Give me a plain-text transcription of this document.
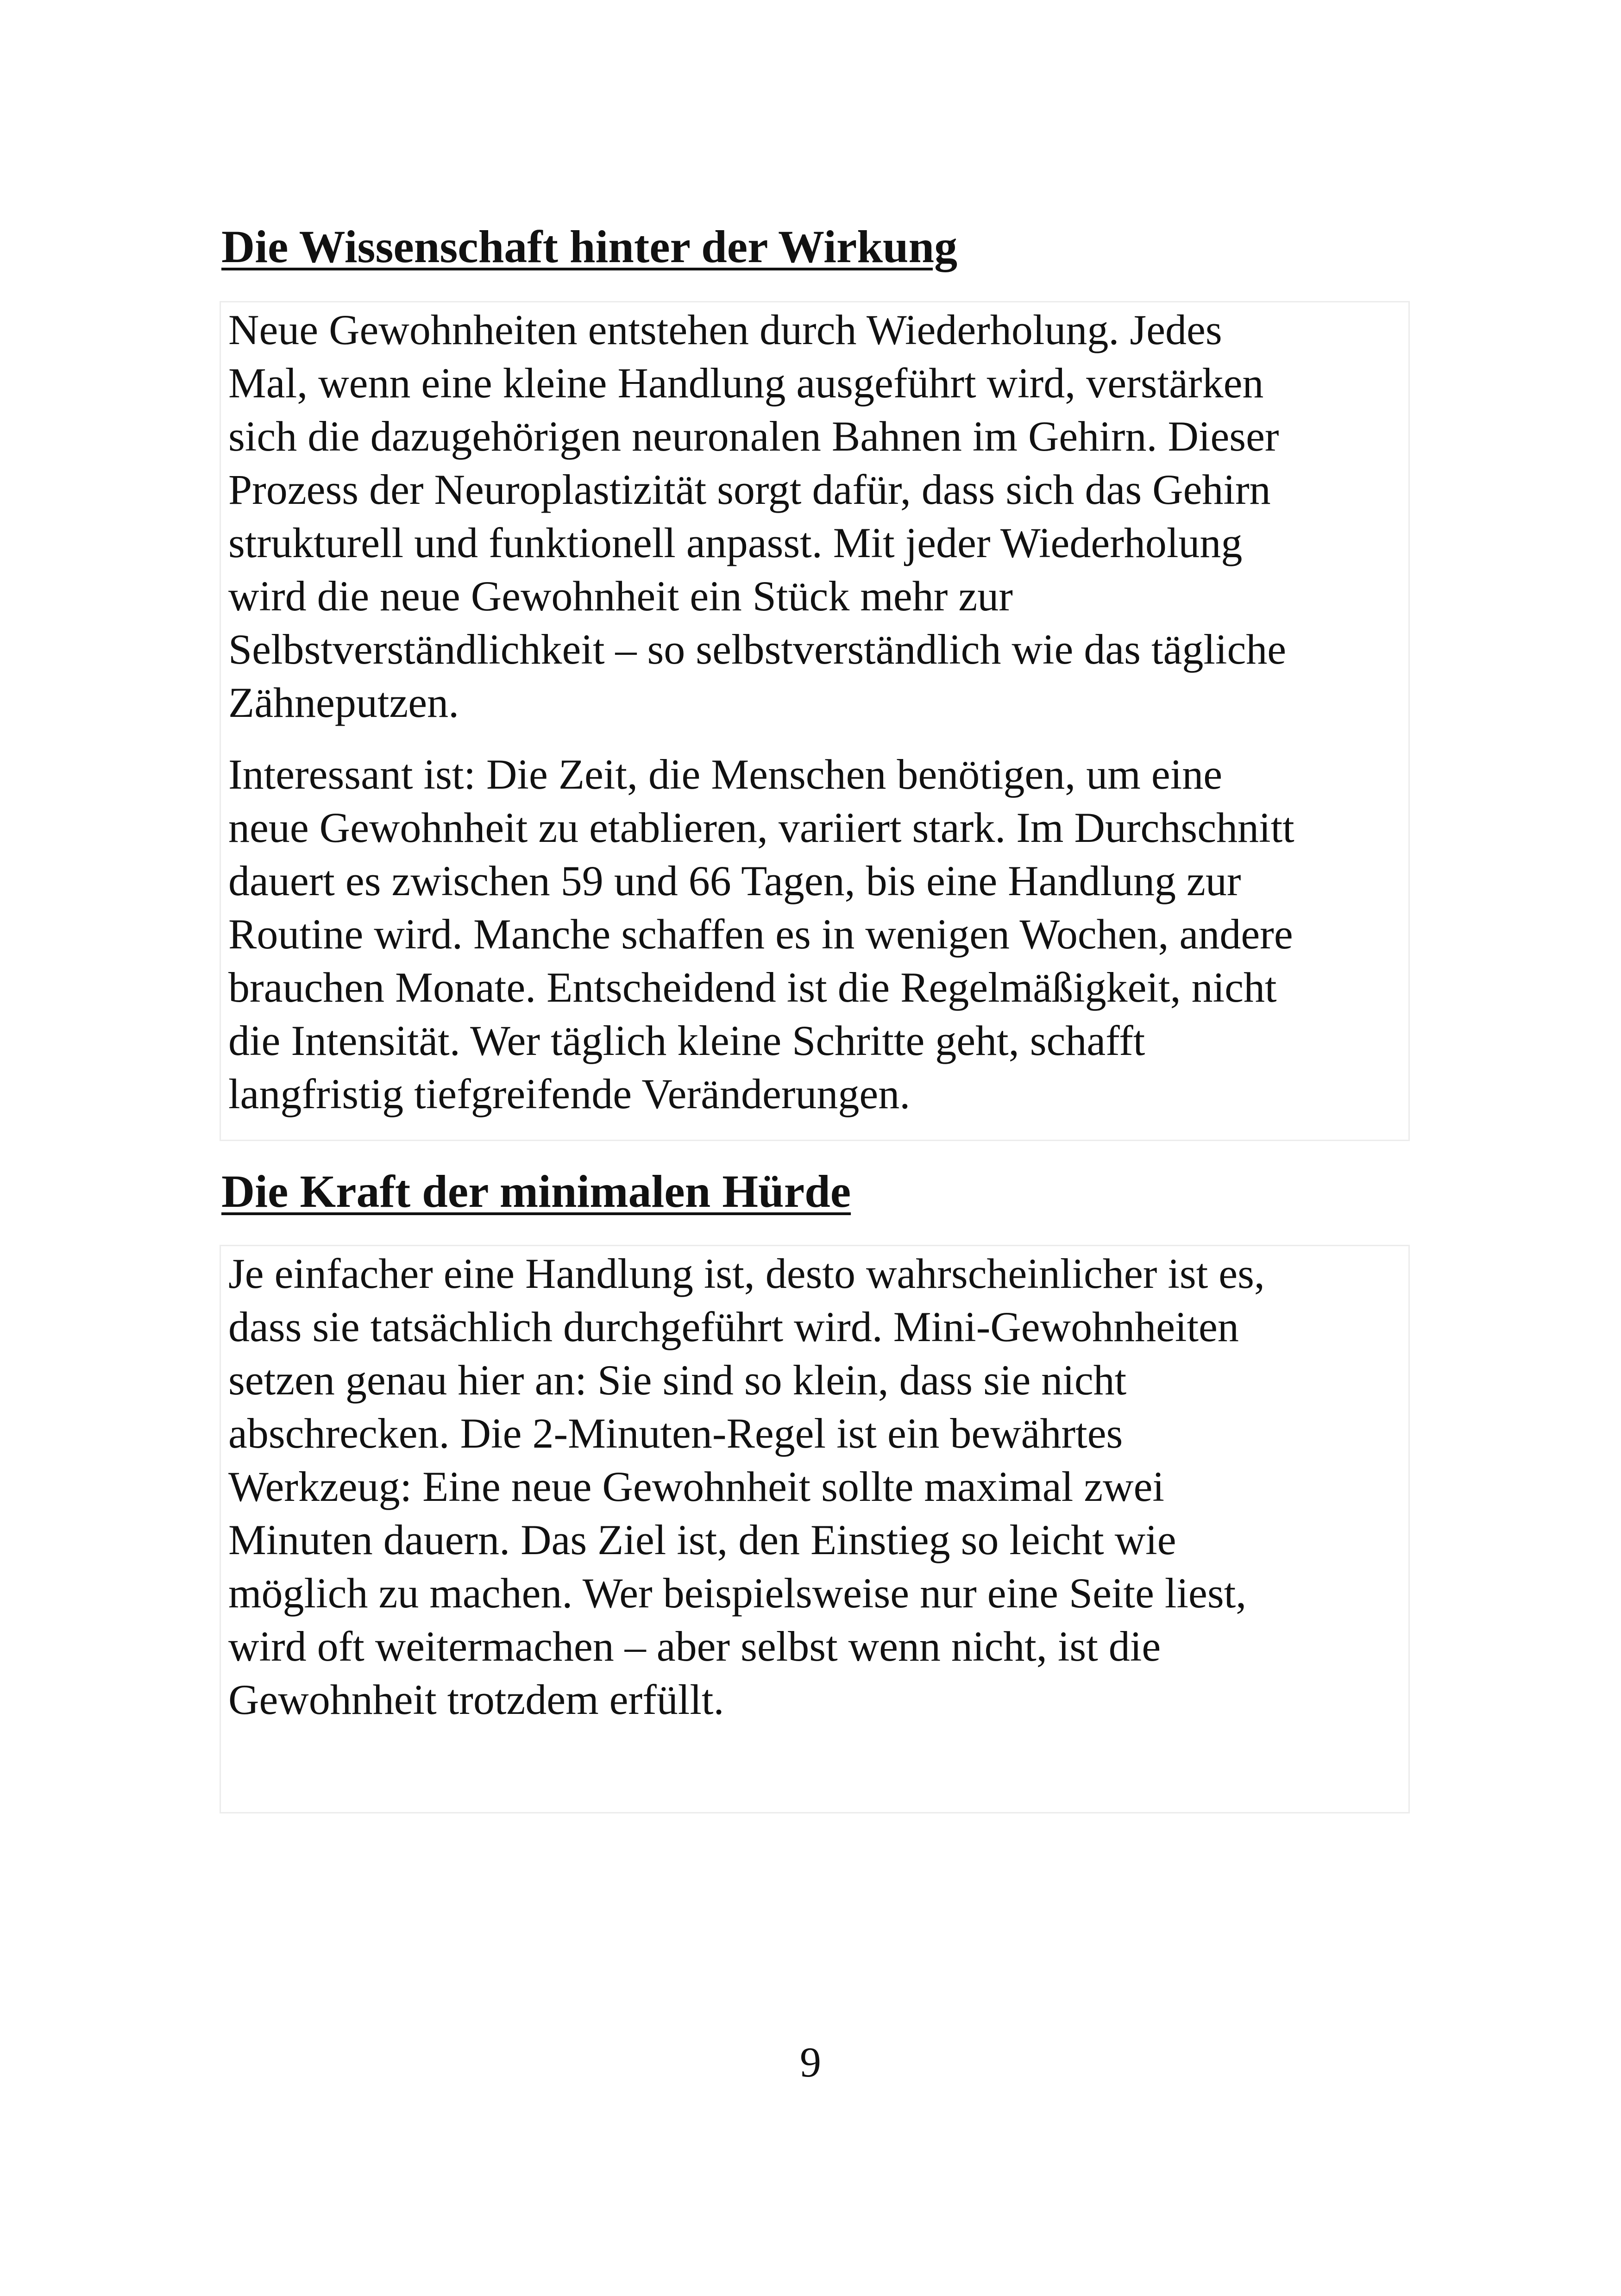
Die Wissenschaft hinter der Wirkung
Neue Gewohnheiten entstehen durch Wiederholung. Jedes
Mal, wenn eine kleine Handlung ausgeführt wird, verstärken
sich die dazugehörigen neuronalen Bahnen im Gehirn. Dieser
Prozess der Neuroplastizität sorgt dafür, dass sich das Gehirn
strukturell und funktionell anpasst. Mit jeder Wiederholung
wird die neue Gewohnheit ein Stück mehr zur
Selbstverständlichkeit – so selbstverständlich wie das tägliche
Zähneputzen.
Interessant ist: Die Zeit, die Menschen benötigen, um eine
neue Gewohnheit zu etablieren, variiert stark. Im Durchschnitt
dauert es zwischen 59 und 66 Tagen, bis eine Handlung zur
Routine wird. Manche schaffen es in wenigen Wochen, andere
brauchen Monate. Entscheidend ist die Regelmäßigkeit, nicht
die Intensität. Wer täglich kleine Schritte geht, schafft
langfristig tiefgreifende Veränderungen.
Die Kraft der minimalen Hürde
Je einfacher eine Handlung ist, desto wahrscheinlicher ist es,
dass sie tatsächlich durchgeführt wird. Mini-Gewohnheiten
setzen genau hier an: Sie sind so klein, dass sie nicht
abschrecken. Die 2-Minuten-Regel ist ein bewährtes
Werkzeug: Eine neue Gewohnheit sollte maximal zwei
Minuten dauern. Das Ziel ist, den Einstieg so leicht wie
möglich zu machen. Wer beispielsweise nur eine Seite liest,
wird oft weitermachen – aber selbst wenn nicht, ist die
Gewohnheit trotzdem erfüllt.
9
